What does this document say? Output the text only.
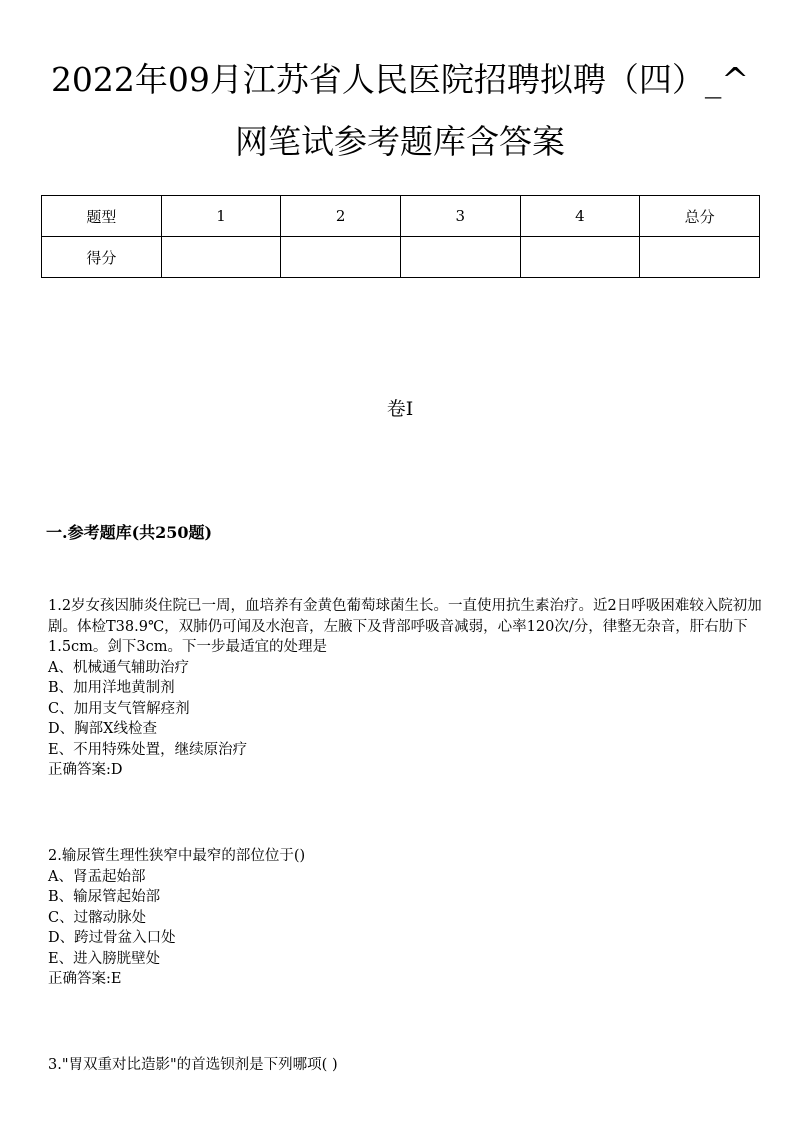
2022年09月江苏省人民医院招聘拟聘（四）_^
网笔试参考题库含答案
题型	1	2	3	4	总分
得分					
卷I
一.参考题库(共250题)

1.2岁女孩因肺炎住院已一周，血培养有金黄色葡萄球菌生长。一直使用抗生素治疗。近2日呼吸困难较入院初加剧。体检T38.9℃，双肺仍可闻及水泡音，左腋下及背部呼吸音减弱，心率120次/分，律整无杂音，肝右肋下1.5cm。剑下3cm。下一步最适宜的处理是

A、机械通气辅助治疗

B、加用洋地黄制剂

C、加用支气管解痉剂

D、胸部X线检查

E、不用特殊处置，继续原治疗

正确答案:D

2.输尿管生理性狭窄中最窄的部位位于()

A、肾盂起始部

B、输尿管起始部

C、过髂动脉处

D、跨过骨盆入口处

E、进入膀胱壁处

正确答案:E

3."胃双重对比造影"的首选钡剂是下列哪项( )
